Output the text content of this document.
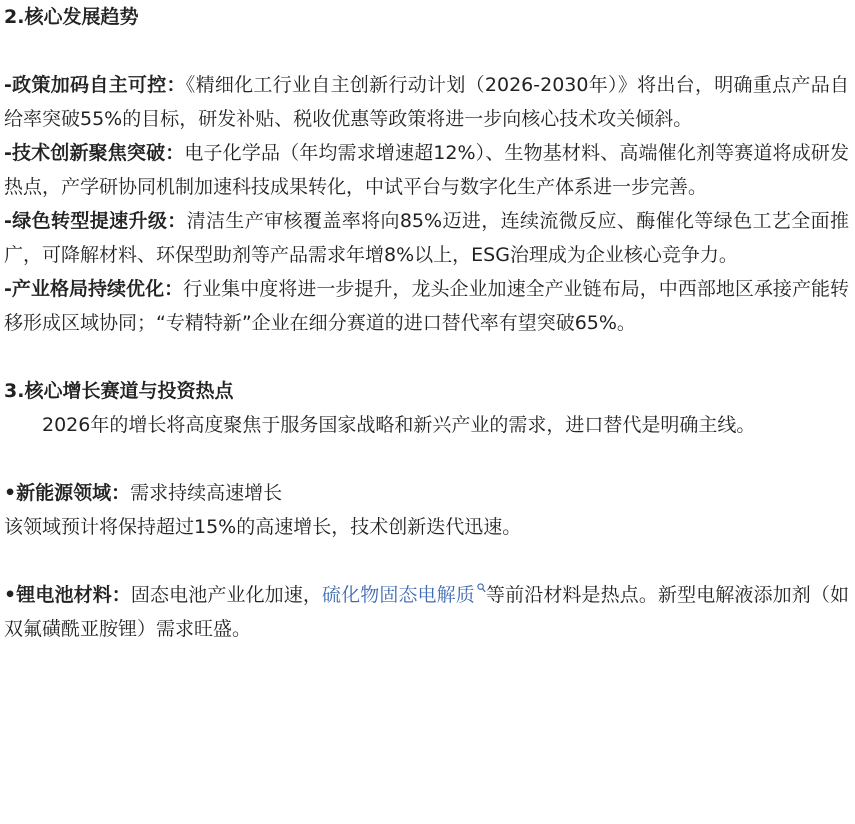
2.核心发展趋势

-政策加码自主可控：《精细化工行业自主创新行动计划（2026-2030年）》将出台，明确重点产品自给率突破55%的目标，研发补贴、税收优惠等政策将进一步向核心技术攻关倾斜。

-技术创新聚焦突破：电子化学品（年均需求增速超12%）、生物基材料、高端催化剂等赛道将成研发热点，产学研协同机制加速科技成果转化，中试平台与数字化生产体系进一步完善。

-绿色转型提速升级：清洁生产审核覆盖率将向85%迈进，连续流微反应、酶催化等绿色工艺全面推广，可降解材料、环保型助剂等产品需求年增8%以上，ESG治理成为企业核心竞争力。

-产业格局持续优化：行业集中度将进一步提升，龙头企业加速全产业链布局，中西部地区承接产能转移形成区域协同；“专精特新”企业在细分赛道的进口替代率有望突破65%。

3.核心增长赛道与投资热点

2026年的增长将高度聚焦于服务国家战略和新兴产业的需求，进口替代是明确主线。

•新能源领域：需求持续高速增长

该领域预计将保持超过15%的高速增长，技术创新迭代迅速。

•锂电池材料：固态电池产业化加速，硫化物固态电解质 等前沿材料是热点。新型电解液添加剂（如双氟磺酰亚胺锂）需求旺盛。
